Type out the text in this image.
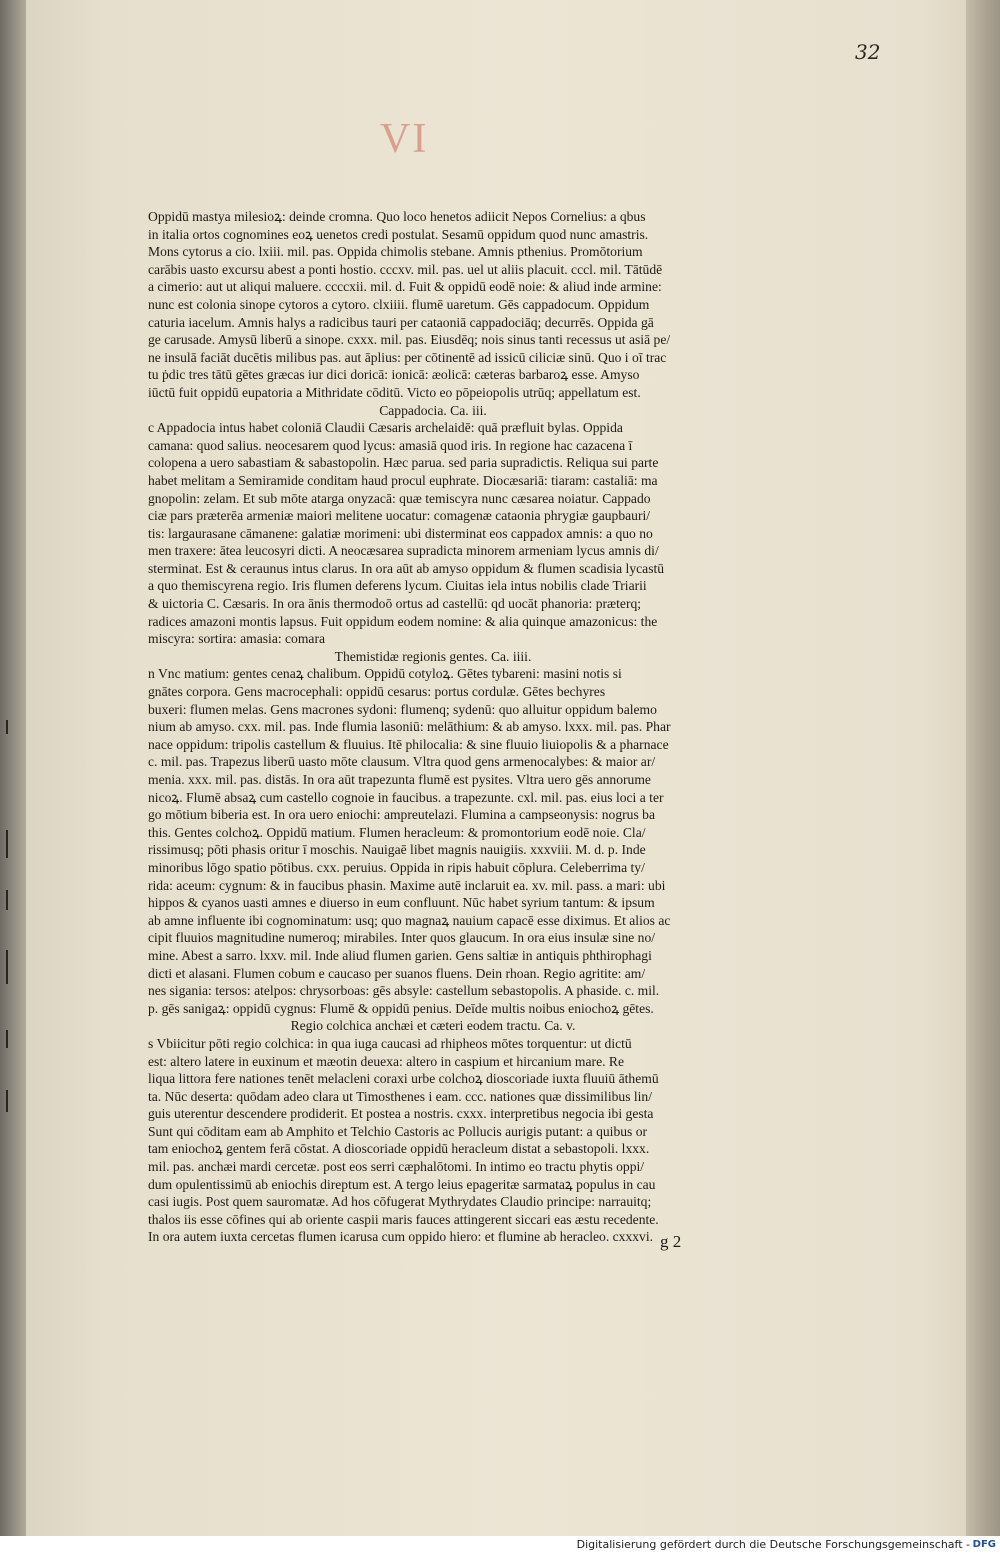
32
VI
Oppidū mastya milesioꝝ: deinde cromna. Quo loco henetos adiicit Nepos Cornelius: a qbus
in italia ortos cognomines eoꝝ uenetos credi postulat. Sesamū oppidum quod nunc amastris.
Mons cytorus a cio. lxiii. mil. pas. Oppida chimolis stebane. Amnis pthenius. Promōtorium
carābis uasto excursu abest a ponti hostio. cccxv. mil. pas. uel ut aliis placuit. cccl. mil. Tātūdē
a cimerio: aut ut aliqui maluere. ccccxii. mil. d. Fuit & oppidū eodē noie: & aliud inde armine:
nunc est colonia sinope cytoros a cytoro. clxiiii. flumē uaretum. Gēs cappadocum. Oppidum
caturia iacelum. Amnis halys a radicibus tauri per cataoniā cappadociāq; decurrēs. Oppida gā
ge carusade. Amysū liberū a sinope. cxxx. mil. pas. Eiusdēq; nois sinus tanti recessus ut asiā pe/
ne insulā faciāt ducētis milibus pas. aut āplius: per cōtinentē ad issicū ciliciæ sinū. Quo i oī trac
tu ṗdic tres tātū gētes græcas iur dici doricā: ionicā: æolicā: cæteras barbaroꝝ esse. Amyso
iūctū fuit oppidū eupatoria a Mithridate cōditū. Victo eo pōpeiopolis utrūq; appellatum est.
Cappadocia. Ca. iii.
c Appadocia intus habet coloniā Claudii Cæsaris archelaidē: quā præfluit bylas. Oppida
camana: quod salius. neocesarem quod lycus: amasiā quod iris. In regione hac cazacena ī
colopena a uero sabastiam & sabastopolin. Hæc parua. sed paria supradictis. Reliqua sui parte
habet melitam a Semiramide conditam haud procul euphrate. Diocæsariā: tiaram: castaliā: ma
gnopolin: zelam. Et sub mōte atarga onyzacā: quæ temiscyra nunc cæsarea noiatur. Cappado
ciæ pars præterēa armeniæ maiori melitene uocatur: comagenæ cataonia phrygiæ gaupbauri/
tis: largaurasane cāmanene: galatiæ morimeni: ubi disterminat eos cappadox amnis: a quo no
men traxere: ātea leucosyri dicti. A neocæsarea supradicta minorem armeniam lycus amnis di/
sterminat. Est & ceraunus intus clarus. In ora aūt ab amyso oppidum & flumen scadisia lycastū
a quo themiscyrena regio. Iris flumen deferens lycum. Ciuitas iela intus nobilis clade Triarii
& uictoria C. Cæsaris. In ora ānis thermodoō ortus ad castellū: qd uocāt phanoria: præterq;
radices amazoni montis lapsus. Fuit oppidum eodem nomine: & alia quinque amazonicus: the
miscyra: sortira: amasia: comara
Themistidæ regionis gentes. Ca. iiii.
n Vnc matium: gentes cenaꝝ chalibum. Oppidū cotyloꝝ. Gētes tybareni: masini notis si
gnātes corpora. Gens macrocephali: oppidū cesarus: portus cordulæ. Gētes bechyres
buxeri: flumen melas. Gens macrones sydoni: flumenq; sydenū: quo alluitur oppidum balemo
nium ab amyso. cxx. mil. pas. Inde flumia lasoniū: melāthium: & ab amyso. lxxx. mil. pas. Phar
nace oppidum: tripolis castellum & fluuius. Itē philocalia: & sine fluuio liuiopolis & a pharnace
c. mil. pas. Trapezus liberū uasto mōte clausum. Vltra quod gens armenocalybes: & maior ar/
menia. xxx. mil. pas. distās. In ora aūt trapezunta flumē est pysites. Vltra uero gēs annorume
nicoꝝ. Flumē absaꝝ cum castello cognoie in faucibus. a trapezunte. cxl. mil. pas. eius loci a ter
go mōtium biberia est. In ora uero eniochi: ampreutelazi. Flumina a campseonysis: nogrus ba
this. Gentes colchoꝝ. Oppidū matium. Flumen heracleum: & promontorium eodē noie. Cla/
rissimusq; pōti phasis oritur ī moschis. Nauigaē libet magnis nauigiis. xxxviii. M. d. p. Inde
minoribus lōgo spatio pōtibus. cxx. peruius. Oppida in ripis habuit cōplura. Celeberrima ty/
rida: aceum: cygnum: & in faucibus phasin. Maxime autē inclaruit ea. xv. mil. pass. a mari: ubi
hippos & cyanos uasti amnes e diuerso in eum confluunt. Nūc habet syrium tantum: & ipsum
ab amne influente ibi cognominatum: usq; quo magnaꝝ nauium capacē esse diximus. Et alios ac
cipit fluuios magnitudine numeroq; mirabiles. Inter quos glaucum. In ora eius insulæ sine no/
mine. Abest a sarro. lxxv. mil. Inde aliud flumen garien. Gens saltiæ in antiquis phthirophagi
dicti et alasani. Flumen cobum e caucaso per suanos fluens. Dein rhoan. Regio agritite: am/
nes sigania: tersos: atelpos: chrysorboas: gēs absyle: castellum sebastopolis. A phaside. c. mil.
p. gēs sanigaꝝ: oppidū cygnus: Flumē & oppidū penius. Deīde multis noibus eniochoꝝ gētes.
Regio colchica anchæi et cæteri eodem tractu. Ca. v.
s Vbiicitur pōti regio colchica: in qua iuga caucasi ad rhipheos mōtes torquentur: ut dictū
est: altero latere in euxinum et mæotin deuexa: altero in caspium et hircanium mare. Re
liqua littora fere nationes tenēt melacleni coraxi urbe colchoꝝ dioscoriade iuxta fluuiū āthemū
ta. Nūc deserta: quōdam adeo clara ut Timosthenes i eam. ccc. nationes quæ dissimilibus lin/
guis uterentur descendere prodiderit. Et postea a nostris. cxxx. interpretibus negocia ibi gesta
Sunt qui cōditam eam ab Amphito et Telchio Castoris ac Pollucis aurigis putant: a quibus or
tam eniochoꝝ gentem ferā cōstat. A dioscoriade oppidū heracleum distat a sebastopoli. lxxx.
mil. pas. anchæi mardi cercetæ. post eos serri cæphalōtomi. In intimo eo tractu phytis oppi/
dum opulentissimū ab eniochis direptum est. A tergo leius epageritæ sarmataꝝ populus in cau
casi iugis. Post quem sauromatæ. Ad hos cōfugerat Mythrydates Claudio principe: narrauitq;
thalos iis esse cōfines qui ab oriente caspii maris fauces attingerent siccari eas æstu recedente.
In ora autem iuxta cercetas flumen icarusa cum oppido hiero: et flumine ab heracleo. cxxxvi. g 2
Digitalisierung gefördert durch die Deutsche Forschungsgemeinschaft - DFG
